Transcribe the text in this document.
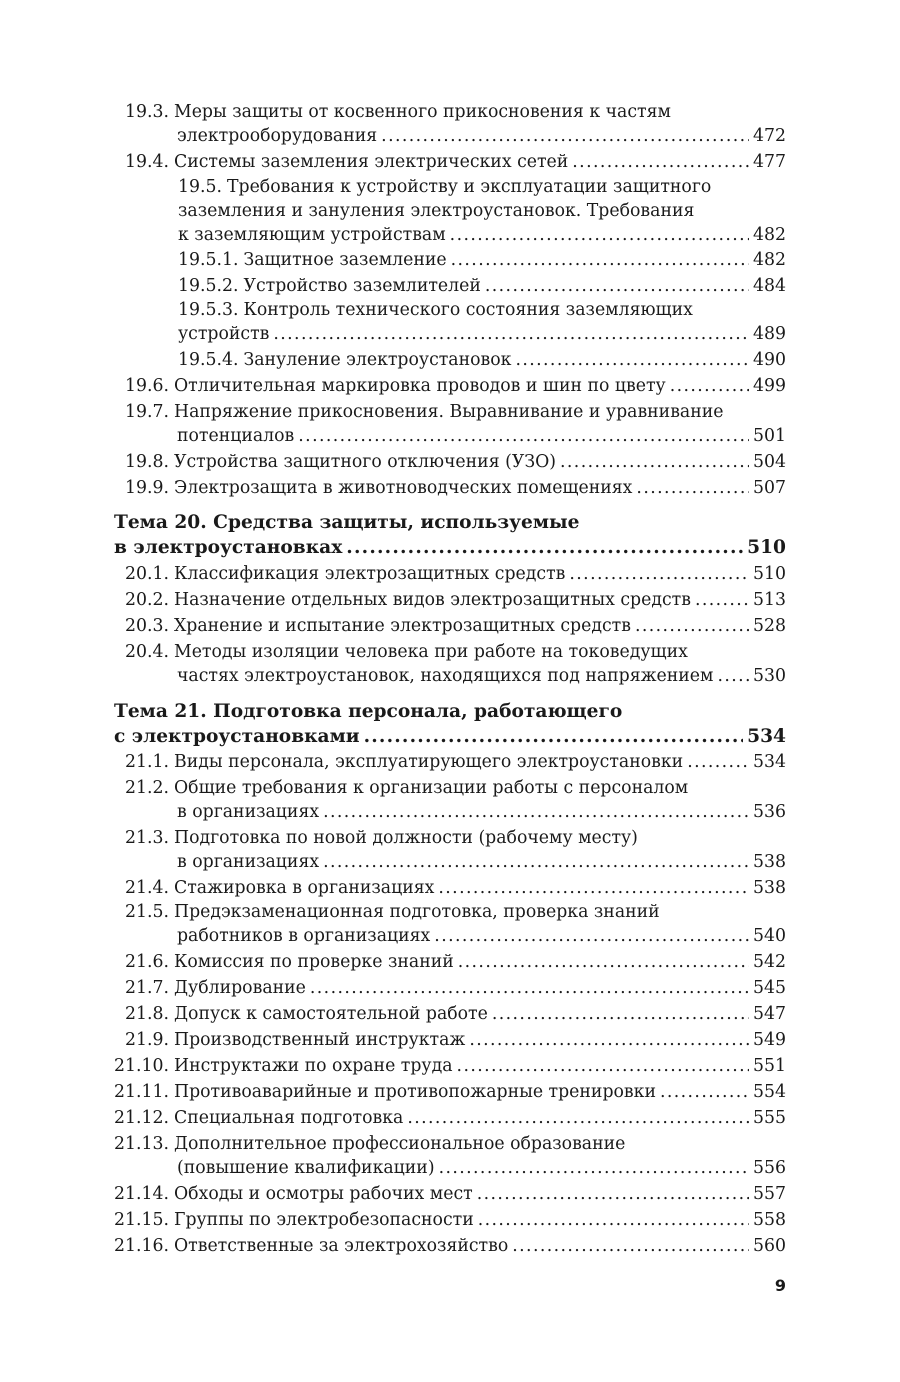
19.3. Меры защиты от косвенного прикосновения к частям
электрооборудования .....	472
19.4. Системы заземления электрических сетей .....	477
19.5. Требования к устройству и эксплуатации защитного
заземления и зануления электроустановок. Требования
к заземляющим устройствам .....	482
19.5.1. Защитное заземление .....	482
19.5.2. Устройство заземлителей .....	484
19.5.3. Контроль технического состояния заземляющих
устройств .....	489
19.5.4. Зануление электроустановок .....	490
19.6. Отличительная маркировка проводов и шин по цвету .....	499
19.7. Напряжение прикосновения. Выравнивание и уравнивание
потенциалов .....	501
19.8. Устройства защитного отключения (УЗО) .....	504
19.9. Электрозащита в животноводческих помещениях .....	507
Тема 20. Средства защиты, используемые
в электроустановках .....	510
20.1. Классификация электрозащитных средств .....	510
20.2. Назначение отдельных видов электрозащитных средств .....	513
20.3. Хранение и испытание электрозащитных средств .....	528
20.4. Методы изоляции человека при работе на токоведущих
частях электроустановок, находящихся под напряжением ..... 530
Тема 21. Подготовка персонала, работающего
с электроустановками .....	534
21.1. Виды персонала, эксплуатирующего электроустановки .....	534
21.2. Общие требования к организации работы с персоналом
в организациях .....	536
21.3. Подготовка по новой должности (рабочему месту)
в организациях .....	538
21.4. Стажировка в организациях .....	538
21.5. Предэкзаменационная подготовка, проверка знаний
работников в организациях .....	540
21.6. Комиссия по проверке знаний .....	542
21.7. Дублирование .....	545
21.8. Допуск к самостоятельной работе .....	547
21.9. Производственный инструктаж .....	549
21.10. Инструктажи по охране труда .....	551
21.11. Противоаварийные и противопожарные тренировки .....	554
21.12. Специальная подготовка .....	555
21.13. Дополнительное профессиональное образование
(повышение квалификации) .....	556
21.14. Обходы и осмотры рабочих мест .....	557
21.15. Группы по электробезопасности .....	558
21.16. Ответственные за электрохозяйство .....	560
9
